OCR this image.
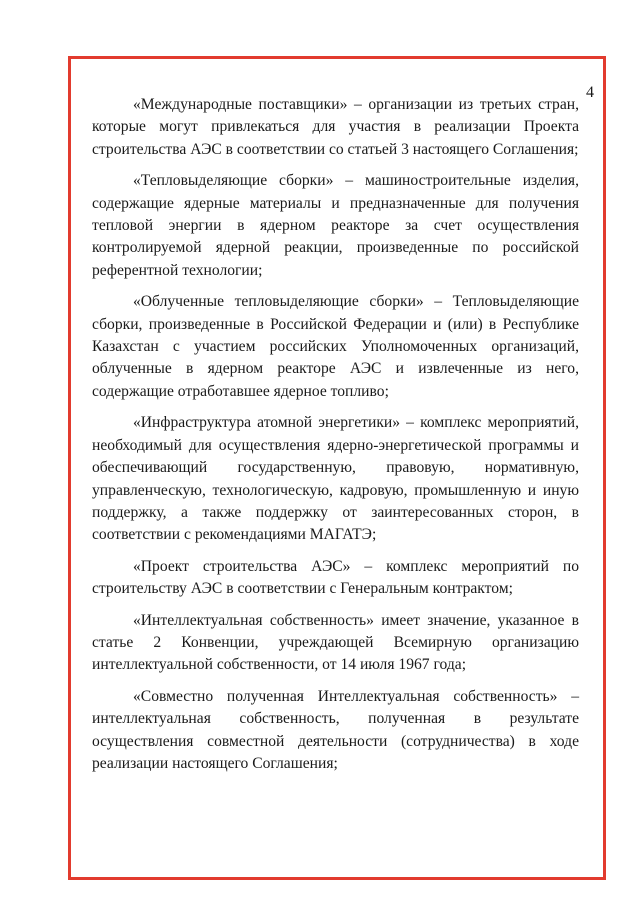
4

«Международные поставщики» – организации из третьих стран, которые могут привлекаться для участия в реализации Проекта строительства АЭС в соответствии со статьей 3 настоящего Соглашения;

«Тепловыделяющие сборки» – машиностроительные изделия, содержащие ядерные материалы и предназначенные для получения тепловой энергии в ядерном реакторе за счет осуществления контролируемой ядерной реакции, произведенные по российской референтной технологии;

«Облученные тепловыделяющие сборки» – Тепловыделяющие сборки, произведенные в Российской Федерации и (или) в Республике Казахстан с участием российских Уполномоченных организаций, облученные в ядерном реакторе АЭС и извлеченные из него, содержащие отработавшее ядерное топливо;

«Инфраструктура атомной энергетики» – комплекс мероприятий, необходимый для осуществления ядерно-энергетической программы и обеспечивающий государственную, правовую, нормативную, управленческую, технологическую, кадровую, промышленную и иную поддержку, а также поддержку от заинтересованных сторон, в соответствии с рекомендациями МАГАТЭ;

«Проект строительства АЭС» – комплекс мероприятий по строительству АЭС в соответствии с Генеральным контрактом;

«Интеллектуальная собственность» имеет значение, указанное в статье 2 Конвенции, учреждающей Всемирную организацию интеллектуальной собственности, от 14 июля 1967 года;

«Совместно полученная Интеллектуальная собственность» – интеллектуальная собственность, полученная в результате осуществления совместной деятельности (сотрудничества) в ходе реализации настоящего Соглашения;
